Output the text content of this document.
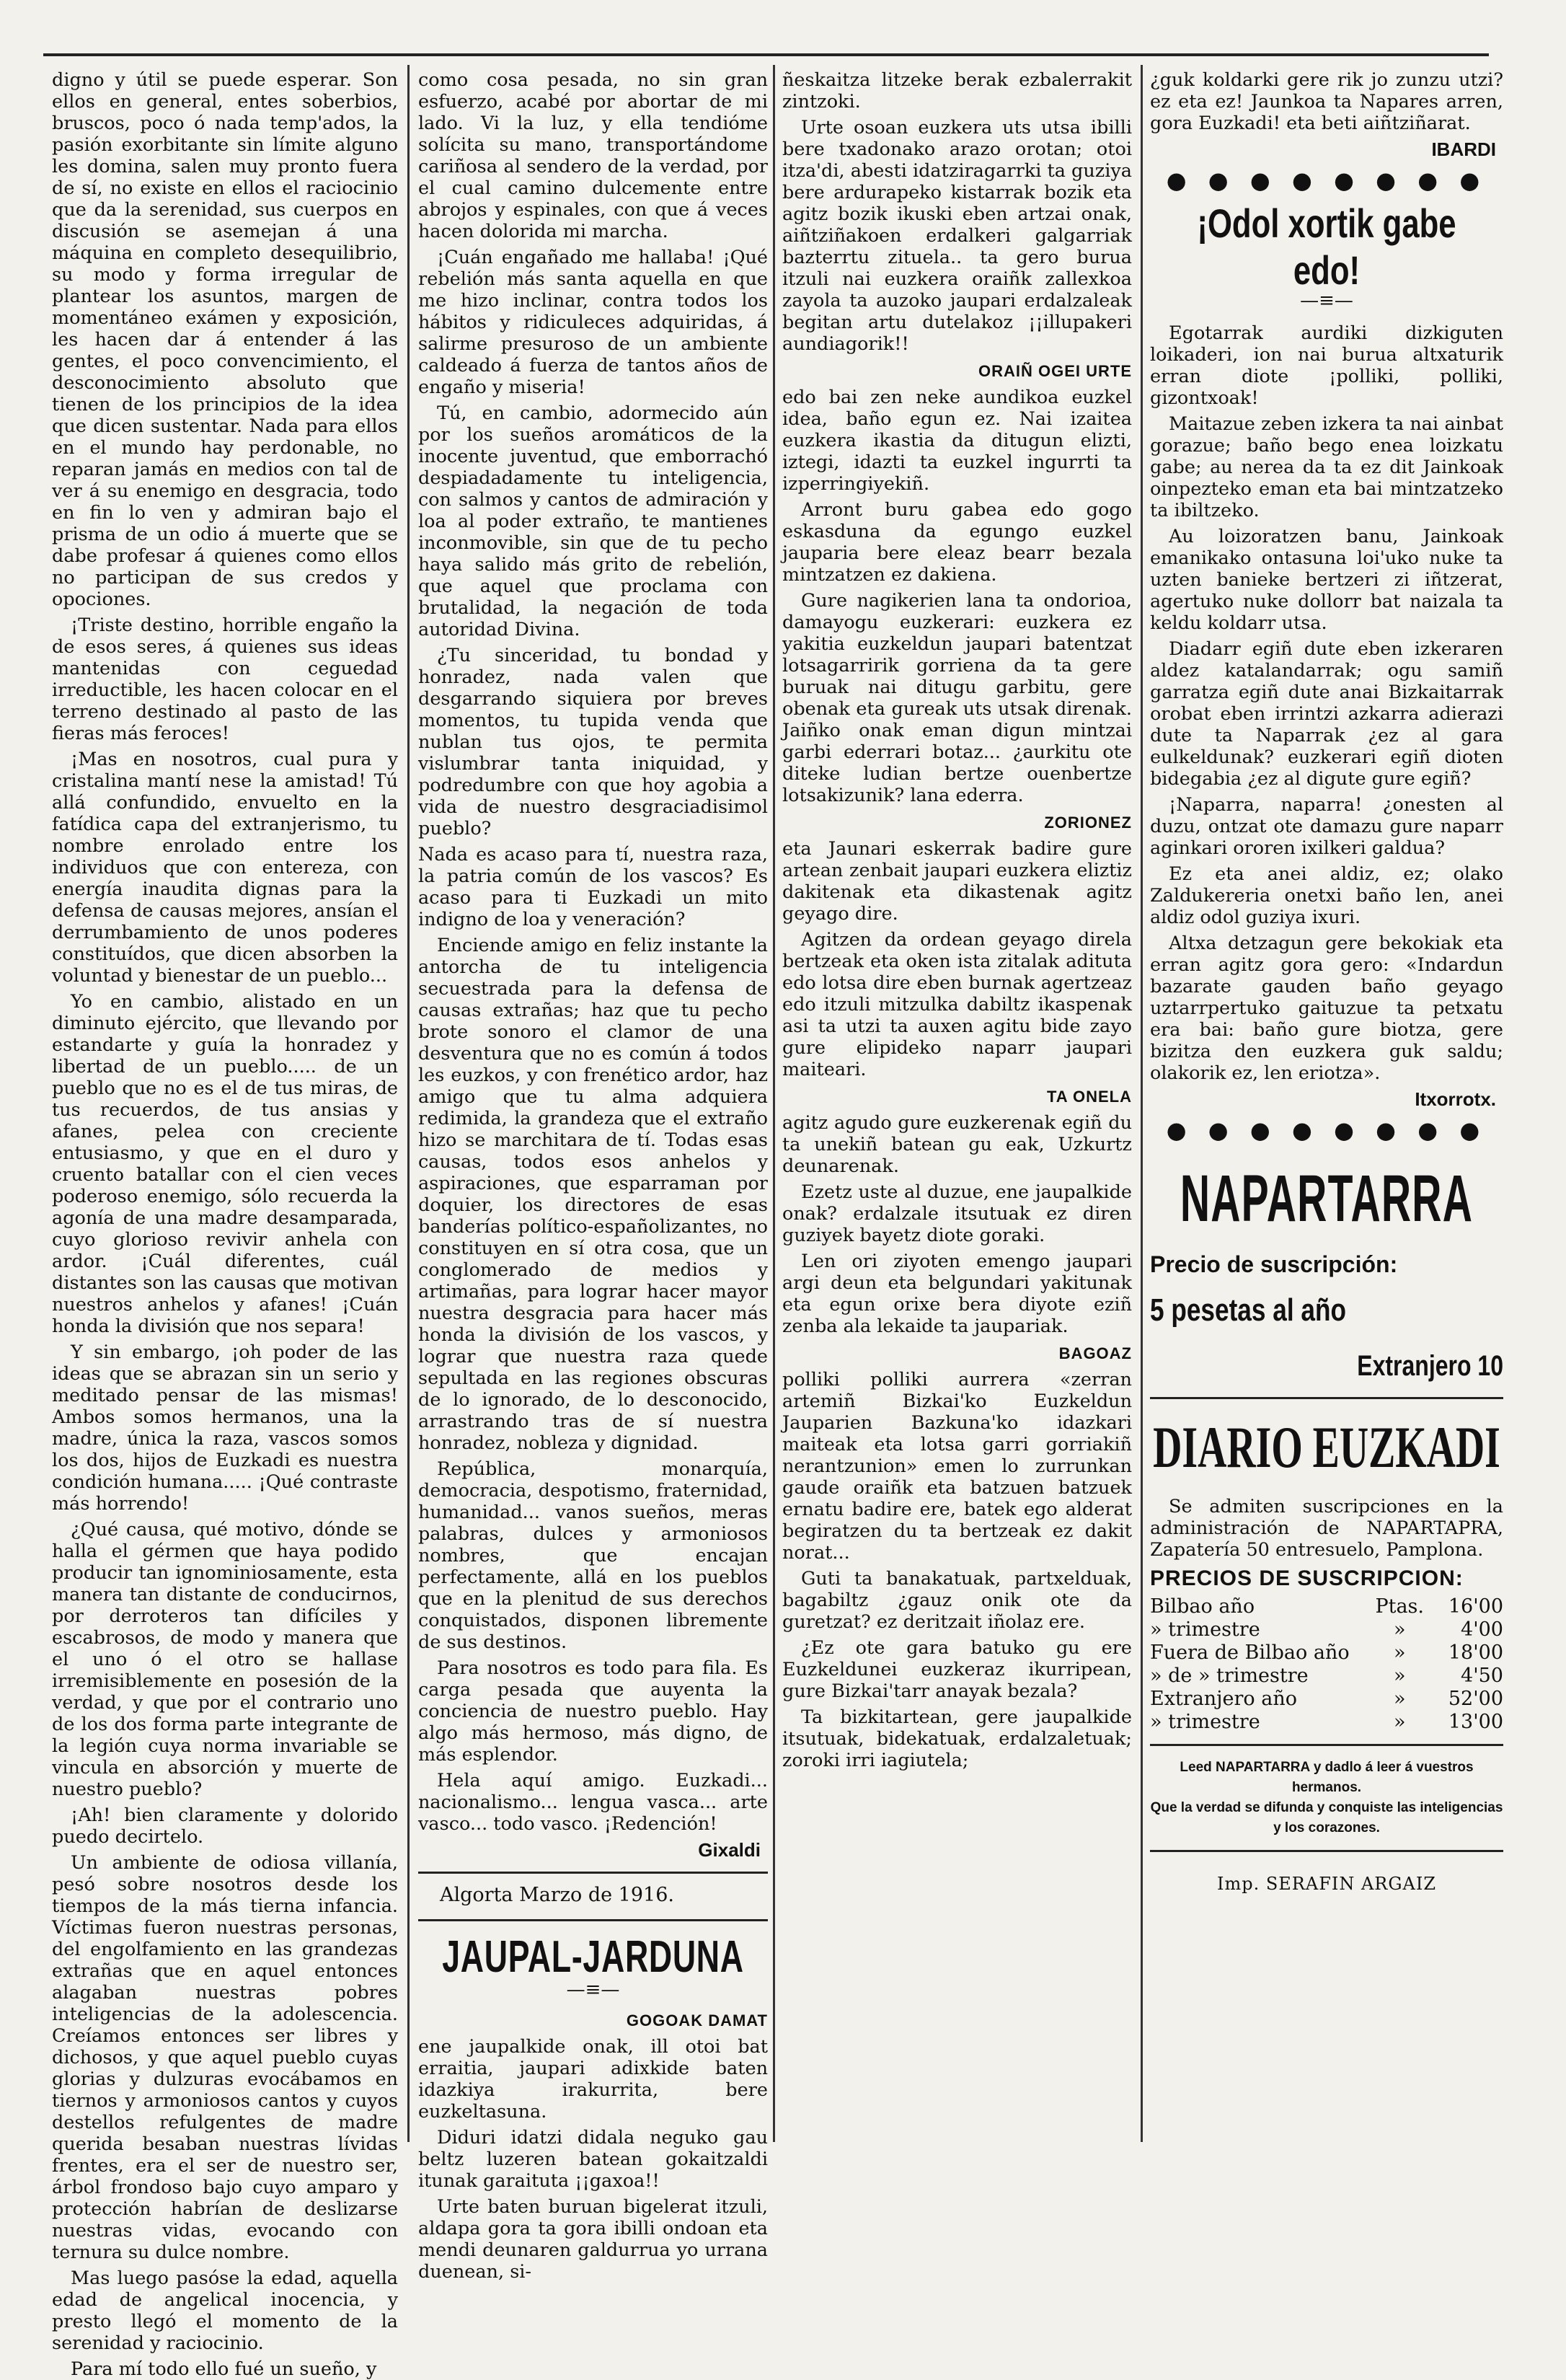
digno y útil se puede esperar. Son ellos en general, entes soberbios, bruscos, poco ó nada temp'ados, la pasión exorbitante sin límite alguno les domina, salen muy pronto fuera de sí, no existe en ellos el raciocinio que da la serenidad, sus cuerpos en discusión se asemejan á una máquina en completo desequilibrio, su modo y forma irregular de plantear los asuntos, margen de momentáneo exámen y exposición, les hacen dar á entender á las gentes, el poco convencimiento, el desconocimiento absoluto que tienen de los principios de la idea que dicen sustentar. Nada para ellos en el mundo hay perdonable, no reparan jamás en medios con tal de ver á su enemigo en desgracia, todo en fin lo ven y admiran bajo el prisma de un odio á muerte que se dabe profesar á quienes como ellos no participan de sus credos y opociones.

¡Triste destino, horrible engaño la de esos seres, á quienes sus ideas mantenidas con ceguedad irreductible, les hacen colocar en el terreno destinado al pasto de las fieras más feroces!

¡Mas en nosotros, cual pura y cristalina mantí nese la amistad! Tú allá confundido, envuelto en la fatídica capa del extranjerismo, tu nombre enrolado entre los individuos que con entereza, con energía inaudita dignas para la defensa de causas mejores, ansían el derrumbamiento de unos poderes constituídos, que dicen absorben la voluntad y bienestar de un pueblo...

Yo en cambio, alistado en un diminuto ejército, que llevando por estandarte y guía la honradez y libertad de un pueblo..... de un pueblo que no es el de tus miras, de tus recuerdos, de tus ansias y afanes, pelea con creciente entusiasmo, y que en el duro y cruento batallar con el cien veces poderoso enemigo, sólo recuerda la agonía de una madre desamparada, cuyo glorioso revivir anhela con ardor. ¡Cuál diferentes, cuál distantes son las causas que motivan nuestros anhelos y afanes! ¡Cuán honda la división que nos separa!

Y sin embargo, ¡oh poder de las ideas que se abrazan sin un serio y meditado pensar de las mismas! Ambos somos hermanos, una la madre, única la raza, vascos somos los dos, hijos de Euzkadi es nuestra condición humana..... ¡Qué contraste más horrendo!

¿Qué causa, qué motivo, dónde se halla el gérmen que haya podido producir tan ignominiosamente, esta manera tan distante de conducirnos, por derroteros tan difíciles y escabrosos, de modo y manera que el uno ó el otro se hallase irremisiblemente en posesión de la verdad, y que por el contrario uno de los dos forma parte integrante de la legión cuya norma invariable se vincula en absorción y muerte de nuestro pueblo?

¡Ah! bien claramente y dolorido puedo decirtelo.

Un ambiente de odiosa villanía, pesó sobre nosotros desde los tiempos de la más tierna infancia. Víctimas fueron nuestras personas, del engolfamiento en las grandezas extrañas que en aquel entonces alagaban nuestras pobres inteligencias de la adolescencia. Creíamos entonces ser libres y dichosos, y que aquel pueblo cuyas glorias y dulzuras evocábamos en tiernos y armoniosos cantos y cuyos destellos refulgentes de madre querida besaban nuestras lívidas frentes, era el ser de nuestro ser, árbol frondoso bajo cuyo amparo y protección habrían de deslizarse nuestras vidas, evocando con ternura su dulce nombre.

Mas luego pasóse la edad, aquella edad de angelical inocencia, y presto llegó el momento de la serenidad y raciocinio.

Para mí todo ello fué un sueño, y

como cosa pesada, no sin gran esfuerzo, acabé por abortar de mi lado. Vi la luz, y ella tendióme solícita su mano, transportándome cariñosa al sendero de la verdad, por el cual camino dulcemente entre abrojos y espinales, con que á veces hacen dolorida mi marcha.

¡Cuán engañado me hallaba! ¡Qué rebelión más santa aquella en que me hizo inclinar, contra todos los hábitos y ridiculeces adquiridas, á salirme presuroso de un ambiente caldeado á fuerza de tantos años de engaño y miseria!

Tú, en cambio, adormecido aún por los sueños aromáticos de la inocente juventud, que emborrachó despiadadamente tu inteligencia, con salmos y cantos de admiración y loa al poder extraño, te mantienes inconmovible, sin que de tu pecho haya salido más grito de rebelión, que aquel que proclama con brutalidad, la negación de toda autoridad Divina.

¿Tu sinceridad, tu bondad y honradez, nada valen que desgarrando siquiera por breves momentos, tu tupida venda que nublan tus ojos, te permita vislumbrar tanta iniquidad, y podredumbre con que hoy agobia a vida de nuestro desgraciadisimol pueblo?

Nada es acaso para tí, nuestra raza, la patria común de los vascos? Es acaso para ti Euzkadi un mito indigno de loa y veneración?

Enciende amigo en feliz instante la antorcha de tu inteligencia secuestrada para la defensa de causas extrañas; haz que tu pecho brote sonoro el clamor de una desventura que no es común á todos les euzkos, y con frenético ardor, haz amigo que tu alma adquiera redimida, la grandeza que el extraño hizo se marchitara de tí. Todas esas causas, todos esos anhelos y aspiraciones, que esparraman por doquier, los directores de esas banderías político-españolizantes, no constituyen en sí otra cosa, que un conglomerado de medios y artimañas, para lograr hacer mayor nuestra desgracia para hacer más honda la división de los vascos, y lograr que nuestra raza quede sepultada en las regiones obscuras de lo ignorado, de lo desconocido, arrastrando tras de sí nuestra honradez, nobleza y dignidad.

República, monarquía, democracia, despotismo, fraternidad, humanidad... vanos sueños, meras palabras, dulces y armoniosos nombres, que encajan perfectamente, allá en los pueblos que en la plenitud de sus derechos conquistados, disponen libremente de sus destinos.

Para nosotros es todo para fila. Es carga pesada que auyenta la conciencia de nuestro pueblo. Hay algo más hermoso, más digno, de más esplendor.

Hela aquí amigo. Euzkadi... nacionalismo... lengua vasca... arte vasco... todo vasco. ¡Redención!

Gixaldi
Algorta Marzo de 1916.
JAUPAL-JARDUNA
—≡—
GOGOAK DAMAT

ene jaupalkide onak, ill otoi bat erraitia, jaupari adixkide baten idazkiya irakurrita, bere euzkeltasuna.

Diduri idatzi didala neguko gau beltz luzeren batean gokaitzaldi itunak garaituta ¡¡gaxoa!!

Urte baten buruan bigelerat itzuli, aldapa gora ta gora ibilli ondoan eta mendi deunaren galdurrua yo urrana duenean, si-

ñeskaitza litzeke berak ezbalerrakit zintzoki.

Urte osoan euzkera uts utsa ibilli bere txadonako arazo orotan; otoi itza'di, abesti idatziragarrki ta guziya bere ardurapeko kistarrak bozik eta agitz bozik ikuski eben artzai onak, aiñtziñakoen erdalkeri galgarriak bazterrtu zituela.. ta gero burua itzuli nai euzkera oraiñk zallexkoa zayola ta auzoko jaupari erdalzaleak begitan artu dutelakoz ¡¡illupakeri aundiagorik!!

ORAIÑ OGEI URTE

edo bai zen neke aundikoa euzkel idea, baño egun ez. Nai izaitea euzkera ikastia da ditugun elizti, iztegi, idazti ta euzkel ingurrti ta izperringiyekiñ.

Arront buru gabea edo gogo eskasduna da egungo euzkel jauparia bere eleaz bearr bezala mintzatzen ez dakiena.

Gure nagikerien lana ta ondorioa, damayogu euzkerari: euzkera ez yakitia euzkeldun jaupari batentzat lotsagarririk gorriena da ta gere buruak nai ditugu garbitu, gere obenak eta gureak uts utsak direnak. Jaiñko onak eman digun mintzai garbi ederrari botaz... ¿aurkitu ote diteke ludian bertze ouenbertze lotsakizunik? lana ederra.

ZORIONEZ

eta Jaunari eskerrak badire gure artean zenbait jaupari euzkera eliztiz dakitenak eta dikastenak agitz geyago dire.

Agitzen da ordean geyago direla bertzeak eta oken ista zitalak adituta edo lotsa dire eben burnak agertzeaz edo itzuli mitzulka dabiltz ikaspenak asi ta utzi ta auxen agitu bide zayo gure elipideko naparr jaupari maiteari.

TA ONELA

agitz agudo gure euzkerenak egiñ du ta unekiñ batean gu eak, Uzkurtz deunarenak.

Ezetz uste al duzue, ene jaupalkide onak? erdalzale itsutuak ez diren guziyek bayetz diote goraki.

Len ori ziyoten emengo jaupari argi deun eta belgundari yakitunak eta egun orixe bera diyote eziñ zenba ala lekaide ta jaupariak.

BAGOAZ

polliki polliki aurrera «zerran artemiñ Bizkai'ko Euzkeldun Jauparien Bazkuna'ko idazkari maiteak eta lotsa garri gorriakiñ nerantzunion» emen lo zurrunkan gaude oraiñk eta batzuen batzuek ernatu badire ere, batek ego alderat begiratzen du ta bertzeak ez dakit norat...

Guti ta banakatuak, partxelduak, bagabiltz ¿gauz onik ote da guretzat? ez deritzait iñolaz ere.

¿Ez ote gara batuko gu ere Euzkeldunei euzkeraz ikurripean, gure Bizkai'tarr anayak bezala?

Ta bizkitartean, gere jaupalkide itsutuak, bidekatuak, erdalzaletuak; zoroki irri iagiutela;

¿guk koldarki gere rik jo zunzu utzi? ez eta ez! Jaunkoa ta Napares arren, gora Euzkadi! eta beti aiñtziñarat.

IBARDI
● ● ● ● ● ● ● ●
¡Odol xortik gabe edo!
—≡—

Egotarrak aurdiki dizkiguten loikaderi, ion nai burua altxaturik erran diote ¡polliki, polliki, gizontxoak!

Maitazue zeben izkera ta nai ainbat gorazue; baño bego enea loizkatu gabe; au nerea da ta ez dit Jainkoak oinpezteko eman eta bai mintzatzeko ta ibiltzeko.

Au loizoratzen banu, Jainkoak emanikako ontasuna loi'uko nuke ta uzten banieke bertzeri zi iñtzerat, agertuko nuke dollorr bat naizala ta keldu koldarr utsa.

Diadarr egiñ dute eben izkeraren aldez katalandarrak; ogu samiñ garratza egiñ dute anai Bizkaitarrak orobat eben irrintzi azkarra adierazi dute ta Naparrak ¿ez al gara eulkeldunak? euzkerari egiñ dioten bidegabia ¿ez al digute gure egiñ?

¡Naparra, naparra! ¿onesten al duzu, ontzat ote damazu gure naparr aginkari ororen ixilkeri galdua?

Ez eta anei aldiz, ez; olako Zaldukereria onetxi baño len, anei aldiz odol guziya ixuri.

Altxa detzagun gere bekokiak eta erran agitz gora gero: «Indardun bazarate gauden baño geyago uztarrpertuko gaituzue ta petxatu era bai: baño gure biotza, gere bizitza den euzkera guk saldu; olakorik ez, len eriotza».

Itxorrotx.
● ● ● ● ● ● ● ●
NAPARTARRA
Precio de suscripción:
5 pesetas al año
Extranjero 10
DIARIO EUZKADI

Se admiten suscripciones en la administración de NAPARTAPRA, Zapatería 50 entresuelo, Pamplona.

PRECIOS DE SUSCRIPCION:
Bilbao año	Ptas.	16'00
» trimestre	»	4'00
Fuera de Bilbao año	»	18'00
» de » trimestre	»	4'50
Extranjero año	»	52'00
» trimestre	»	13'00
Leed NAPARTARRA y dadlo á leer á vuestros hermanos.
Que la verdad se difunda y conquiste las inteligencias y los corazones.
Imp. SERAFIN ARGAIZ
